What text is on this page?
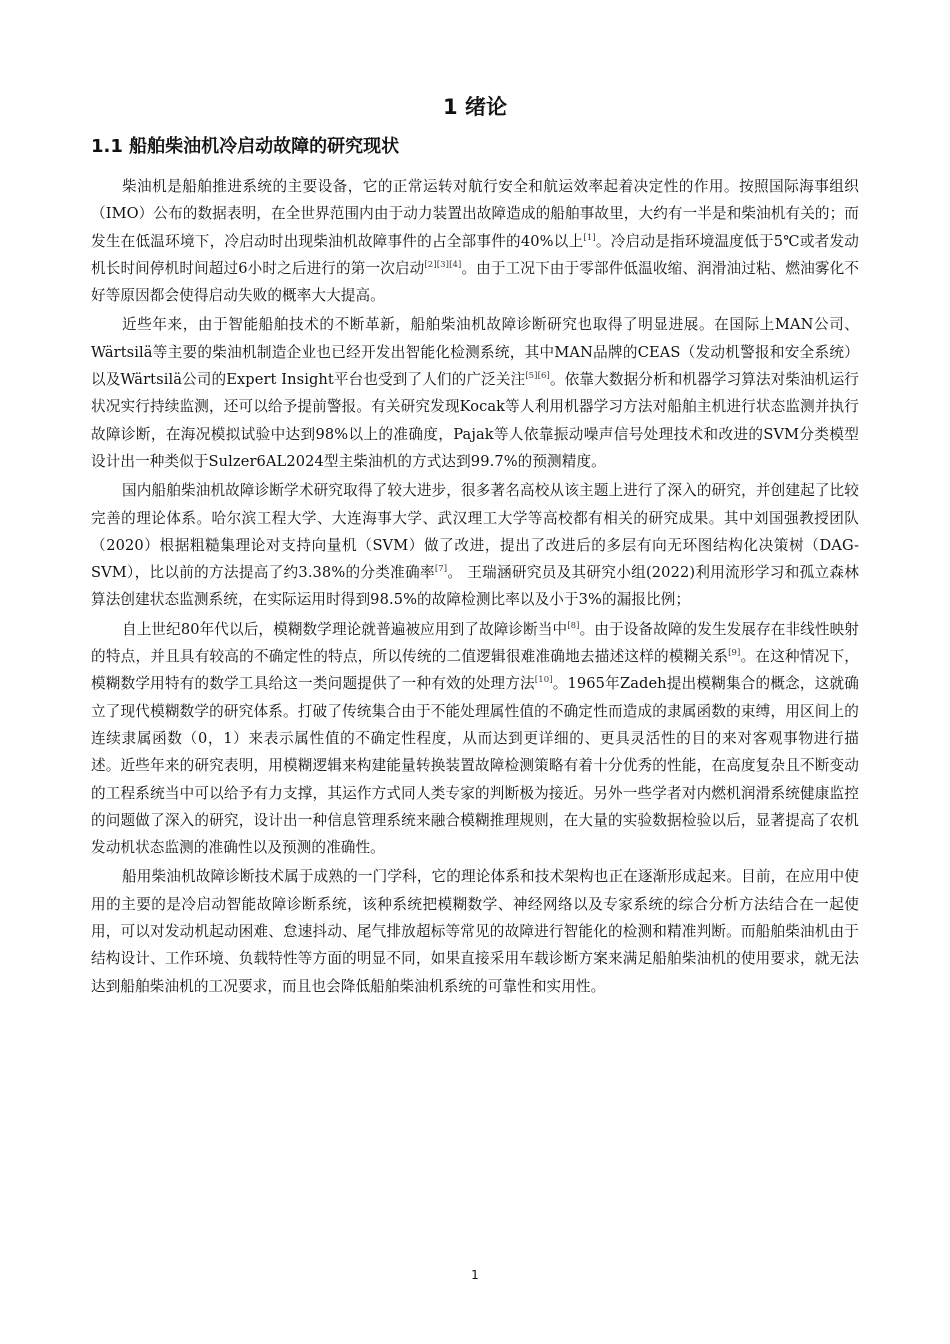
1 绪论
1.1 船舶柴油机冷启动故障的研究现状

柴油机是船舶推进系统的主要设备，它的正常运转对航行安全和航运效率起着决定性的作用。按照国际海事组织（IMO）公布的数据表明，在全世界范围内由于动力装置出故障造成的船舶事故里，大约有一半是和柴油机有关的；而发生在低温环境下，冷启动时出现柴油机故障事件的占全部事件的40%以上[1]。冷启动是指环境温度低于5℃或者发动机长时间停机时间超过6小时之后进行的第一次启动[2][3][4]。由于工况下由于零部件低温收缩、润滑油过粘、燃油雾化不好等原因都会使得启动失败的概率大大提高。

近些年来，由于智能船舶技术的不断革新，船舶柴油机故障诊断研究也取得了明显进展。在国际上MAN公司、Wärtsilä等主要的柴油机制造企业也已经开发出智能化检测系统，其中MAN品牌的CEAS（发动机警报和安全系统）以及Wärtsilä公司的Expert Insight平台也受到了人们的广泛关注[5][6]。依靠大数据分析和机器学习算法对柴油机运行状况实行持续监测，还可以给予提前警报。有关研究发现Kocak等人利用机器学习方法对船舶主机进行状态监测并执行故障诊断，在海况模拟试验中达到98%以上的准确度，Pajak等人依靠振动噪声信号处理技术和改进的SVM分类模型设计出一种类似于Sulzer6AL2024型主柴油机的方式达到99.7%的预测精度。

国内船舶柴油机故障诊断学术研究取得了较大进步，很多著名高校从该主题上进行了深入的研究，并创建起了比较完善的理论体系。哈尔滨工程大学、大连海事大学、武汉理工大学等高校都有相关的研究成果。其中刘国强教授团队（2020）根据粗糙集理论对支持向量机（SVM）做了改进，提出了改进后的多层有向无环图结构化决策树（DAG-SVM），比以前的方法提高了约3.38%的分类准确率[7]。 王瑞涵研究员及其研究小组(2022)利用流形学习和孤立森林算法创建状态监测系统，在实际运用时得到98.5%的故障检测比率以及小于3%的漏报比例；

自上世纪80年代以后，模糊数学理论就普遍被应用到了故障诊断当中[8]。由于设备故障的发生发展存在非线性映射的特点，并且具有较高的不确定性的特点，所以传统的二值逻辑很难准确地去描述这样的模糊关系[9]。在这种情况下，模糊数学用特有的数学工具给这一类问题提供了一种有效的处理方法[10]。1965年Zadeh提出模糊集合的概念，这就确立了现代模糊数学的研究体系。打破了传统集合由于不能处理属性值的不确定性而造成的隶属函数的束缚，用区间上的连续隶属函数（0，1）来表示属性值的不确定性程度，从而达到更详细的、更具灵活性的目的来对客观事物进行描述。近些年来的研究表明，用模糊逻辑来构建能量转换装置故障检测策略有着十分优秀的性能，在高度复杂且不断变动的工程系统当中可以给予有力支撑，其运作方式同人类专家的判断极为接近。另外一些学者对内燃机润滑系统健康监控的问题做了深入的研究，设计出一种信息管理系统来融合模糊推理规则，在大量的实验数据检验以后，显著提高了农机发动机状态监测的准确性以及预测的准确性。

船用柴油机故障诊断技术属于成熟的一门学科，它的理论体系和技术架构也正在逐渐形成起来。目前，在应用中使用的主要的是冷启动智能故障诊断系统，该种系统把模糊数学、神经网络以及专家系统的综合分析方法结合在一起使用，可以对发动机起动困难、怠速抖动、尾气排放超标等常见的故障进行智能化的检测和精准判断。而船舶柴油机由于结构设计、工作环境、负载特性等方面的明显不同，如果直接采用车载诊断方案来满足船舶柴油机的使用要求，就无法达到船舶柴油机的工况要求，而且也会降低船舶柴油机系统的可靠性和实用性。

1
